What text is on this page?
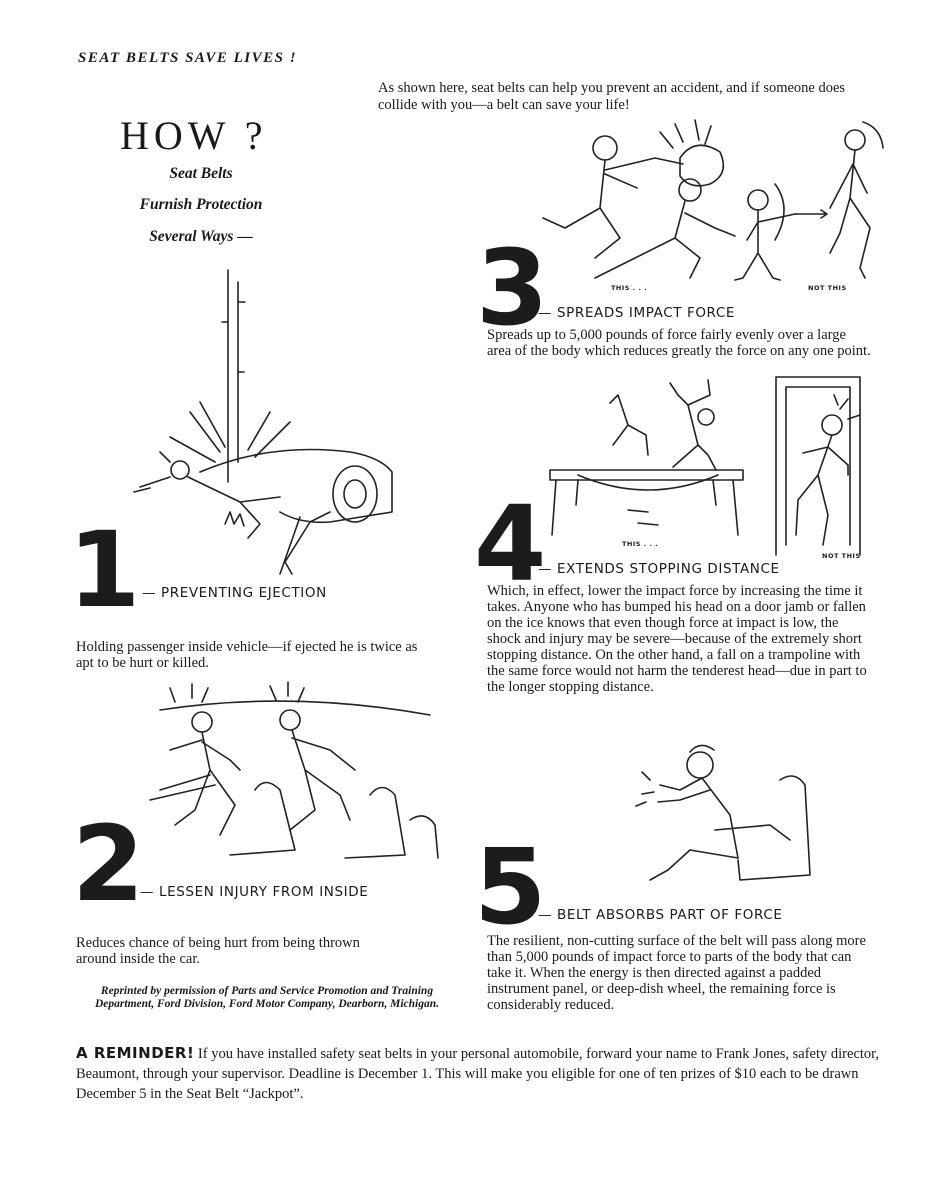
SEAT BELTS SAVE LIVES !
As shown here, seat belts can help you prevent an accident, and if someone does collide with you—a belt can save your life!
HOW ?
Seat Belts
Furnish Protection
Several Ways —
THIS . . .	NOT THIS
THIS . . .
NOT THIS
1 — PREVENTING EJECTION
Holding passenger inside vehicle—if ejected he is twice as apt to be hurt or killed.
2
— LESSEN INJURY FROM INSIDE
Reduces chance of being hurt from being thrown around inside the car.
Reprinted by permission of Parts and Service Promotion and Training Department, Ford Division, Ford Motor Company, Dearborn, Michigan.
3
— SPREADS IMPACT FORCE
Spreads up to 5,000 pounds of force fairly evenly over a large area of the body which reduces greatly the force on any one point.
4
— EXTENDS STOPPING DISTANCE
Which, in effect, lower the impact force by increasing the time it takes. Anyone who has bumped his head on a door jamb or fallen on the ice knows that even though force at impact is low, the shock and injury may be severe—because of the extremely short stopping distance. On the other hand, a fall on a trampoline with the same force would not harm the tenderest head—due in part to the longer stopping distance.
5
— BELT ABSORBS PART OF FORCE
The resilient, non-cutting surface of the belt will pass along more than 5,000 pounds of impact force to parts of the body that can take it. When the energy is then directed against a padded instrument panel, or deep-dish wheel, the remaining force is considerably reduced.
A REMINDER! If you have installed safety seat belts in your personal automobile, forward your name to Frank Jones, safety director, Beaumont, through your supervisor. Deadline is December 1. This will make you eligible for one of ten prizes of $10 each to be drawn December 5 in the Seat Belt “Jackpot”.
